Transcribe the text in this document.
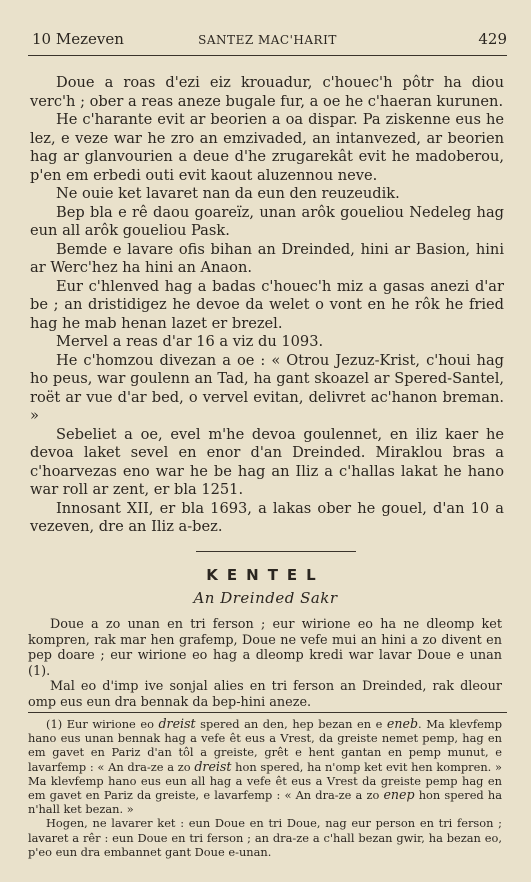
10 Mezeven	SANTEZ MAC'HARIT	429

Doue a roas d'ezi eiz krouadur, c'houec'h pôtr ha diou verc'h ; ober a reas aneze bugale fur, a oe he c'haeran kurunen.

He c'harante evit ar beorien a oa dispar. Pa ziskenne eus he lez, e veze war he zro an emzivaded, an intanvezed, ar beorien hag ar glanvourien a deue d'he zrugarekât evit he madoberou, p'en em erbedi outi evit kaout aluzennou neve.

Ne ouie ket lavaret nan da eun den reuzeudik.

Bep bla e rê daou goareïz, unan arôk goueliou Nedeleg hag eun all arôk goueliou Pask.

Bemde e lavare ofis bihan an Dreinded, hini ar Basion, hini ar Werc'hez ha hini an Anaon.

Eur c'hlenved hag a badas c'houec'h miz a gasas anezi d'ar be ; an dristidigez he devoe da welet o vont en he rôk he fried hag he mab henan lazet er brezel.

Mervel a reas d'ar 16 a viz du 1093.

He c'homzou divezan a oe : « Otrou Jezuz-Krist, c'houi hag ho peus, war goulenn an Tad, ha gant skoazel ar Spered-Santel, roët ar vue d'ar bed, o vervel evitan, delivret ac'hanon breman. »

Sebeliet a oe, evel m'he devoa goulennet, en iliz kaer he devoa laket sevel en enor d'an Dreinded. Miraklou bras a c'hoarvezas eno war he be hag an Iliz a c'hallas lakat he hano war roll ar zent, er bla 1251.

Innosant XII, er bla 1693, a lakas ober he gouel, d'an 10 a vezeven, dre an Iliz a-bez.

KENTEL
An Dreinded Sakr

Doue a zo unan en tri ferson ; eur wirione eo ha ne dleomp ket kompren, rak mar hen grafemp, Doue ne vefe mui an hini a zo divent en pep doare ; eur wirione eo hag a dleomp kredi war lavar Doue e unan (1).

Mal eo d'imp ive sonjal alies en tri ferson an Dreinded, rak dleour omp eus eun dra bennak da bep-hini aneze.

(1) Eur wirione eo dreist spered an den, hep bezan en e eneb. Ma klevfemp hano eus unan bennak hag a vefe êt eus a Vrest, da greiste nemet pemp, hag en em gavet en Pariz d'an tôl a greiste, grêt e hent gantan en pemp munut, e lavarfemp : « An dra-ze a zo dreist hon spered, ha n'omp ket evit hen kompren. » Ma klevfemp hano eus eun all hag a vefe êt eus a Vrest da greiste pemp hag en em gavet en Pariz da greiste, e lavarfemp : « An dra-ze a zo enep hon spered ha n'hall ket bezan. »

Hogen, ne lavarer ket : eun Doue en tri Doue, nag eur person en tri ferson ; lavaret a rêr : eun Doue en tri ferson ; an dra-ze a c'hall bezan gwir, ha bezan eo, p'eo eun dra embannet gant Doue e-unan.
